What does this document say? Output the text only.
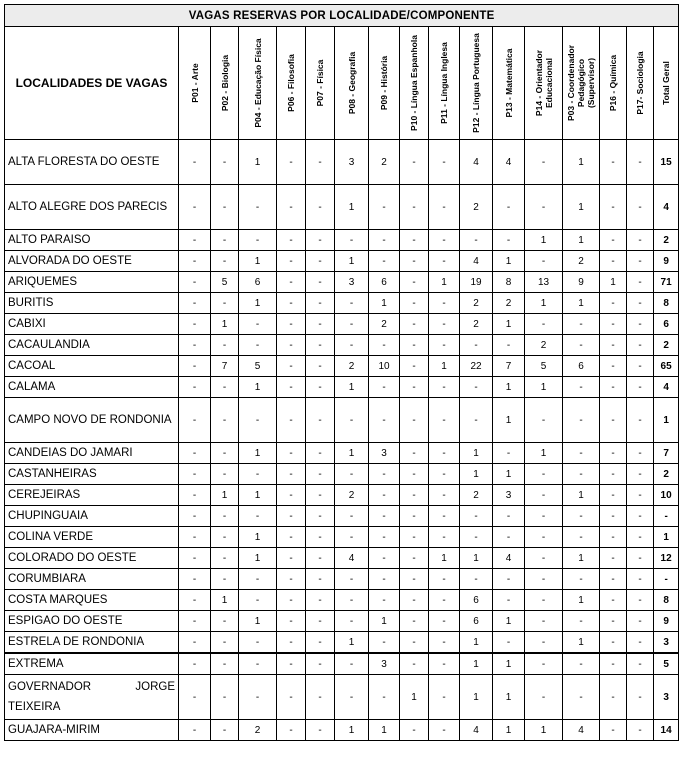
VAGAS RESERVAS POR LOCALIDADE/COMPONENTE																
LOCALIDADES DE VAGAS	P01 - Arte	P02 - Biologia	P04 - Educação Física	P06 - Filosofia	P07 - Física	P08 - Geografia	P09 - História	P10 - Língua Espanhola	P11 - Língua Inglesa	P12 - Língua Portuguesa	P13 - Matemática	P14 - Orientador Educacional	P03 - Coordenador Pedagógico (Supervisor)	P16 - Química	P17- Sociologia	Total Geral

ALTA FLORESTA DO OESTE	-	-	1	-	-	3	2	-	-	4	4	-	1	-	-	15
ALTO ALEGRE DOS PARECIS	-	-	-	-	-	1	-	-	-	2	-	-	1	-	-	4
ALTO PARAISO	-	-	-	-	-	-	-	-	-	-	-	1	1	-	-	2
ALVORADA DO OESTE	-	-	1	-	-	1	-	-	-	4	1	-	2	-	-	9
ARIQUEMES	-	5	6	-	-	3	6	-	1	19	8	13	9	1	-	71
BURITIS	-	-	1	-	-	-	1	-	-	2	2	1	1	-	-	8
CABIXI	-	1	-	-	-	-	2	-	-	2	1	-	-	-	-	6
CACAULANDIA	-	-	-	-	-	-	-	-	-	-	-	2	-	-	-	2
CACOAL	-	7	5	-	-	2	10	-	1	22	7	5	6	-	-	65
CALAMA	-	-	1	-	-	1	-	-	-	-	1	1	-	-	-	4
CAMPO NOVO DE RONDONIA	-	-	-	-	-	-	-	-	-	-	1	-	-	-	-	1
CANDEIAS DO JAMARI	-	-	1	-	-	1	3	-	-	1	-	1	-	-	-	7
CASTANHEIRAS	-	-	-	-	-	-	-	-	-	1	1	-	-	-	-	2
CEREJEIRAS	-	1	1	-	-	2	-	-	-	2	3	-	1	-	-	10
CHUPINGUAIA	-	-	-	-	-	-	-	-	-	-	-	-	-	-	-	-
COLINA VERDE	-	-	1	-	-	-	-	-	-	-	-	-	-	-	-	1
COLORADO DO OESTE	-	-	1	-	-	4	-	-	1	1	4	-	1	-	-	12
CORUMBIARA	-	-	-	-	-	-	-	-	-	-	-	-	-	-	-	-
COSTA MARQUES	-	1	-	-	-	-	-	-	-	6	-	-	1	-	-	8
ESPIGAO DO OESTE	-	-	1	-	-	-	1	-	-	6	1	-	-	-	-	9
ESTRELA DE RONDONIA	-	-	-	-	-	1	-	-	-	1	-	-	1	-	-	3
EXTREMA	-	-	-	-	-	-	3	-	-	1	1	-	-	-	-	5
GOVERNADOR JORGE TEIXEIRA	-	-	-	-	-	-	-	1	-	1	1	-	-	-	-	3
GUAJARA-MIRIM	-	-	2	-	-	1	1	-	-	4	1	1	4	-	-	14
